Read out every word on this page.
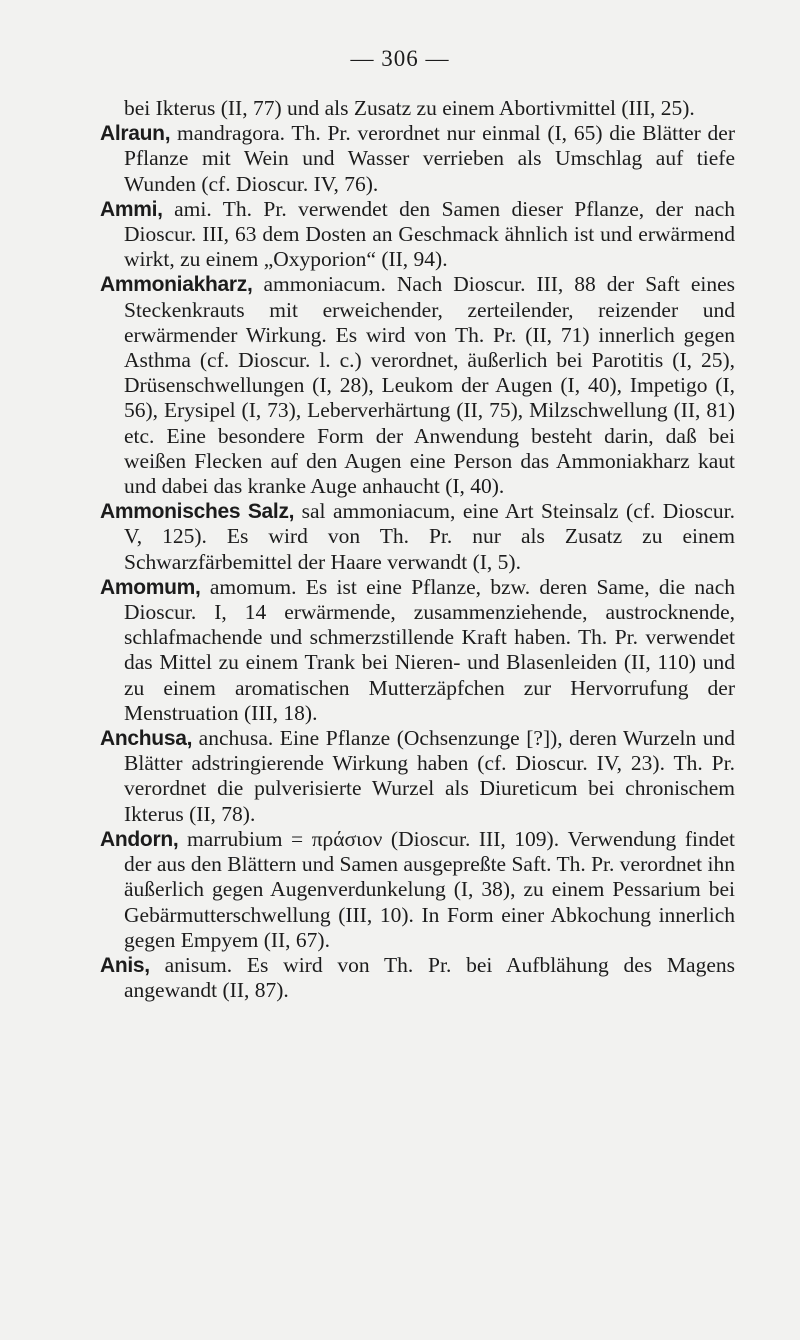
— 306 —

bei Ikterus (II, 77) und als Zusatz zu einem Abortivmittel (III, 25).

Alraun, mandragora. Th. Pr. verordnet nur einmal (I, 65) die Blätter der Pflanze mit Wein und Wasser verrieben als Umschlag auf tiefe Wunden (cf. Dioscur. IV, 76).

Ammi, ami. Th. Pr. verwendet den Samen dieser Pflanze, der nach Dioscur. III, 63 dem Dosten an Geschmack ähnlich ist und erwärmend wirkt, zu einem „Oxyporion“ (II, 94).

Ammoniakharz, ammoniacum. Nach Dioscur. III, 88 der Saft eines Steckenkrauts mit erweichender, zerteilender, reizender und erwärmender Wirkung. Es wird von Th. Pr. (II, 71) innerlich gegen Asthma (cf. Dioscur. l. c.) verordnet, äußerlich bei Parotitis (I, 25), Drüsenschwellungen (I, 28), Leukom der Augen (I, 40), Impetigo (I, 56), Erysipel (I, 73), Leberverhärtung (II, 75), Milzschwellung (II, 81) etc. Eine besondere Form der Anwendung besteht darin, daß bei weißen Flecken auf den Augen eine Person das Ammoniakharz kaut und dabei das kranke Auge anhaucht (I, 40).

Ammonisches Salz, sal ammoniacum, eine Art Steinsalz (cf. Dioscur. V, 125). Es wird von Th. Pr. nur als Zusatz zu einem Schwarzfärbemittel der Haare verwandt (I, 5).

Amomum, amomum. Es ist eine Pflanze, bzw. deren Same, die nach Dioscur. I, 14 erwärmende, zusammenziehende, austrocknende, schlafmachende und schmerzstillende Kraft haben. Th. Pr. verwendet das Mittel zu einem Trank bei Nieren- und Blasenleiden (II, 110) und zu einem aromatischen Mutterzäpfchen zur Hervorrufung der Menstruation (III, 18).

Anchusa, anchusa. Eine Pflanze (Ochsenzunge [?]), deren Wurzeln und Blätter adstringierende Wirkung haben (cf. Dioscur. IV, 23). Th. Pr. verordnet die pulverisierte Wurzel als Diureticum bei chronischem Ikterus (II, 78).

Andorn, marrubium = πράσιον (Dioscur. III, 109). Verwendung findet der aus den Blättern und Samen ausgepreßte Saft. Th. Pr. verordnet ihn äußerlich gegen Augenverdunkelung (I, 38), zu einem Pessarium bei Gebärmutterschwellung (III, 10). In Form einer Abkochung innerlich gegen Empyem (II, 67).

Anis, anisum. Es wird von Th. Pr. bei Aufblähung des Magens angewandt (II, 87).
